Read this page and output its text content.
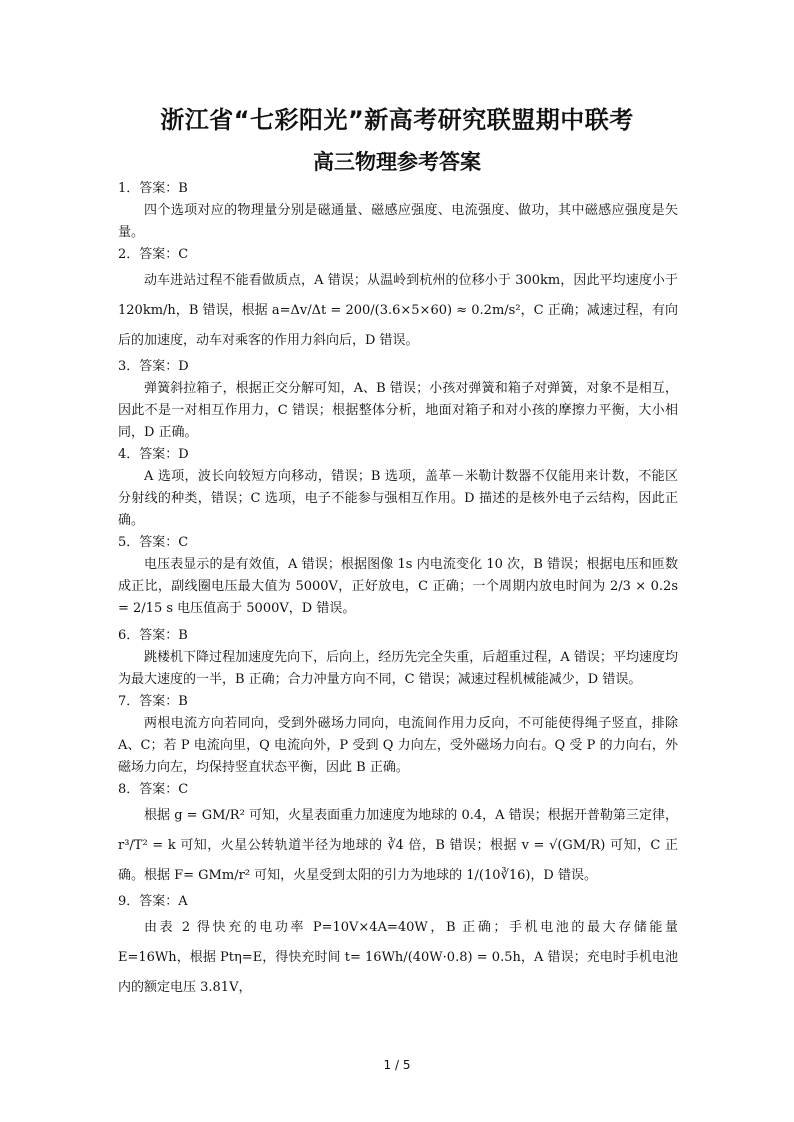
浙江省“七彩阳光”新高考研究联盟期中联考
高三物理参考答案

1．答案：B

四个选项对应的物理量分别是磁通量、磁感应强度、电流强度、做功，其中磁感应强度是矢量。

2．答案：C

动车进站过程不能看做质点，A 错误；从温岭到杭州的位移小于 300km，因此平均速度小于 120km/h，B 错误，根据 a=Δv/Δt = 200/(3.6×5×60) ≈ 0.2m/s²，C 正确；减速过程，有向后的加速度，动车对乘客的作用力斜向后，D 错误。

3．答案：D

弹簧斜拉箱子，根据正交分解可知，A、B 错误；小孩对弹簧和箱子对弹簧，对象不是相互，因此不是一对相互作用力，C 错误；根据整体分析，地面对箱子和对小孩的摩擦力平衡，大小相同，D 正确。

4．答案：D

A 选项，波长向较短方向移动，错误；B 选项，盖革－米勒计数器不仅能用来计数，不能区分射线的种类，错误；C 选项，电子不能参与强相互作用。D 描述的是核外电子云结构，因此正确。

5．答案：C

电压表显示的是有效值，A 错误；根据图像 1s 内电流变化 10 次，B 错误；根据电压和匝数成正比，副线圈电压最大值为 5000V，正好放电，C 正确；一个周期内放电时间为 2/3 × 0.2s = 2/15 s 电压值高于 5000V，D 错误。

6．答案：B

跳楼机下降过程加速度先向下，后向上，经历先完全失重，后超重过程，A 错误；平均速度均为最大速度的一半，B 正确；合力冲量方向不同，C 错误；减速过程机械能减少，D 错误。

7．答案：B

两根电流方向若同向，受到外磁场力同向，电流间作用力反向，不可能使得绳子竖直，排除 A、C；若 P 电流向里，Q 电流向外，P 受到 Q 力向左，受外磁场力向右。Q 受 P 的力向右，外磁场力向左，均保持竖直状态平衡，因此 B 正确。

8．答案：C

根据 g = GM/R² 可知，火星表面重力加速度为地球的 0.4，A 错误；根据开普勒第三定律，r³/T² = k 可知，火星公转轨道半径为地球的 ∛4 倍，B 错误；根据 v = √(GM/R) 可知，C 正确。根据 F= GMm/r² 可知，火星受到太阳的引力为地球的 1/(10∛16)，D 错误。

9．答案：A

由表 2 得快充的电功率 P=10V×4A=40W，B 正确；手机电池的最大存储能量 E=16Wh，根据 Ptη=E，得快充时间 t= 16Wh/(40W·0.8) = 0.5h，A 错误；充电时手机电池内的额定电压 3.81V，

1 / 5
